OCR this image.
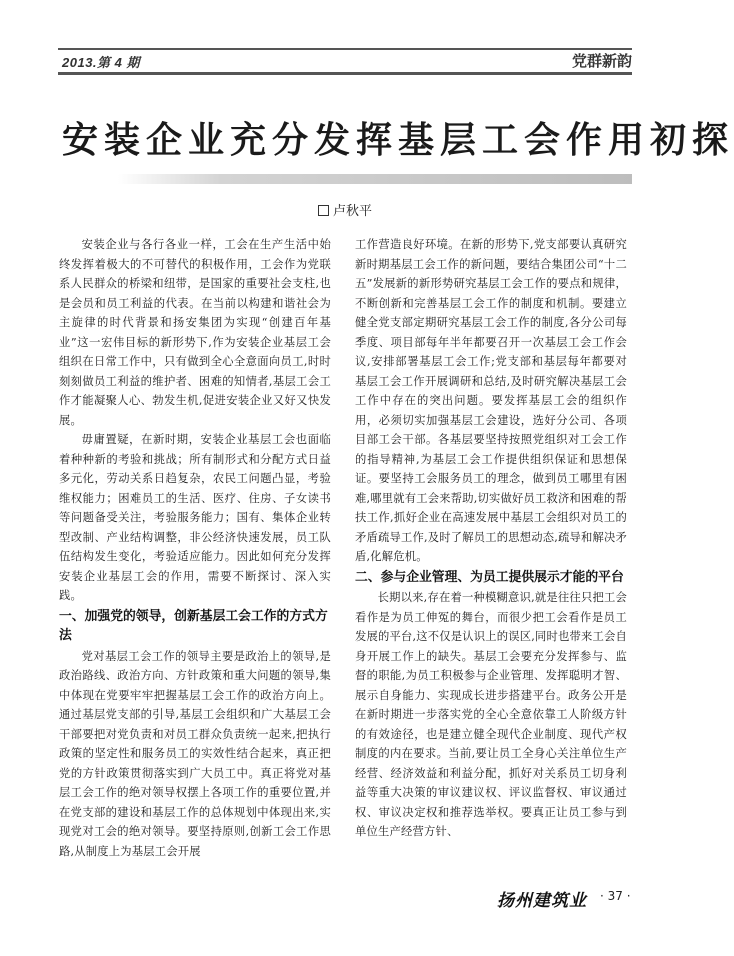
2013.第 4 期	党群新韵
安装企业充分发挥基层工会作用初探
卢秋平

安装企业与各行各业一样，工会在生产生活中始终发挥着极大的不可替代的积极作用，工会作为党联系人民群众的桥梁和纽带，是国家的重要社会支柱,也是会员和员工利益的代表。在当前以构建和谐社会为主旋律的时代背景和扬安集团为实现“创建百年基业”这一宏伟目标的新形势下,作为安装企业基层工会组织在日常工作中，只有做到全心全意面向员工,时时刻刻做员工利益的维护者、困难的知情者,基层工会工作才能凝聚人心、勃发生机,促进安装企业又好又快发展。

毋庸置疑，在新时期，安装企业基层工会也面临着种种新的考验和挑战；所有制形式和分配方式日益多元化，劳动关系日趋复杂，农民工问题凸显，考验维权能力；困难员工的生活、医疗、住房、子女读书等问题备受关注，考验服务能力；国有、集体企业转型改制、产业结构调整，非公经济快速发展，员工队伍结构发生变化，考验适应能力。因此如何充分发挥安装企业基层工会的作用，需要不断探讨、深入实践。

一、加强党的领导，创新基层工会工作的方式方法

党对基层工会工作的领导主要是政治上的领导,是政治路线、政治方向、方针政策和重大问题的领导,集中体现在党要牢牢把握基层工会工作的政治方向上。通过基层党支部的引导,基层工会组织和广大基层工会干部要把对党负责和对员工群众负责统一起来,把执行政策的坚定性和服务员工的实效性结合起来，真正把党的方针政策贯彻落实到广大员工中。真正将党对基层工会工作的绝对领导权摆上各项工作的重要位置,并在党支部的建设和基层工作的总体规划中体现出来,实现党对工会的绝对领导。要坚持原则,创新工会工作思路,从制度上为基层工会开展

工作营造良好环境。在新的形势下,党支部要认真研究新时期基层工会工作的新问题，要结合集团公司“十二五”发展新的新形势研究基层工会工作的要点和规律，不断创新和完善基层工会工作的制度和机制。要建立健全党支部定期研究基层工会工作的制度,各分公司每季度、项目部每年半年都要召开一次基层工会工作会议,安排部署基层工会工作;党支部和基层每年都要对基层工会工作开展调研和总结,及时研究解决基层工会工作中存在的突出问题。要发挥基层工会的组织作用，必须切实加强基层工会建设，选好分公司、各项目部工会干部。各基层要坚持按照党组织对工会工作的指导精神,为基层工会工作提供组织保证和思想保证。要坚持工会服务员工的理念，做到员工哪里有困难,哪里就有工会来帮助,切实做好员工救济和困难的帮扶工作,抓好企业在高速发展中基层工会组织对员工的矛盾疏导工作,及时了解员工的思想动态,疏导和解决矛盾,化解危机。

二、参与企业管理、为员工提供展示才能的平台

长期以来,存在着一种模糊意识,就是往往只把工会看作是为员工伸冤的舞台，而很少把工会看作是员工发展的平台,这不仅是认识上的误区,同时也带来工会自身开展工作上的缺失。基层工会要充分发挥参与、监督的职能,为员工积极参与企业管理、发挥聪明才智、展示自身能力、实现成长进步搭建平台。政务公开是在新时期进一步落实党的全心全意依靠工人阶级方针的有效途径，也是建立健全现代企业制度、现代产权制度的内在要求。当前,要让员工全身心关注单位生产经营、经济效益和利益分配，抓好对关系员工切身利益等重大决策的审议建议权、评议监督权、审议通过权、审议决定权和推荐选举权。要真正让员工参与到单位生产经营方针、

扬州建筑业	· 37 ·
